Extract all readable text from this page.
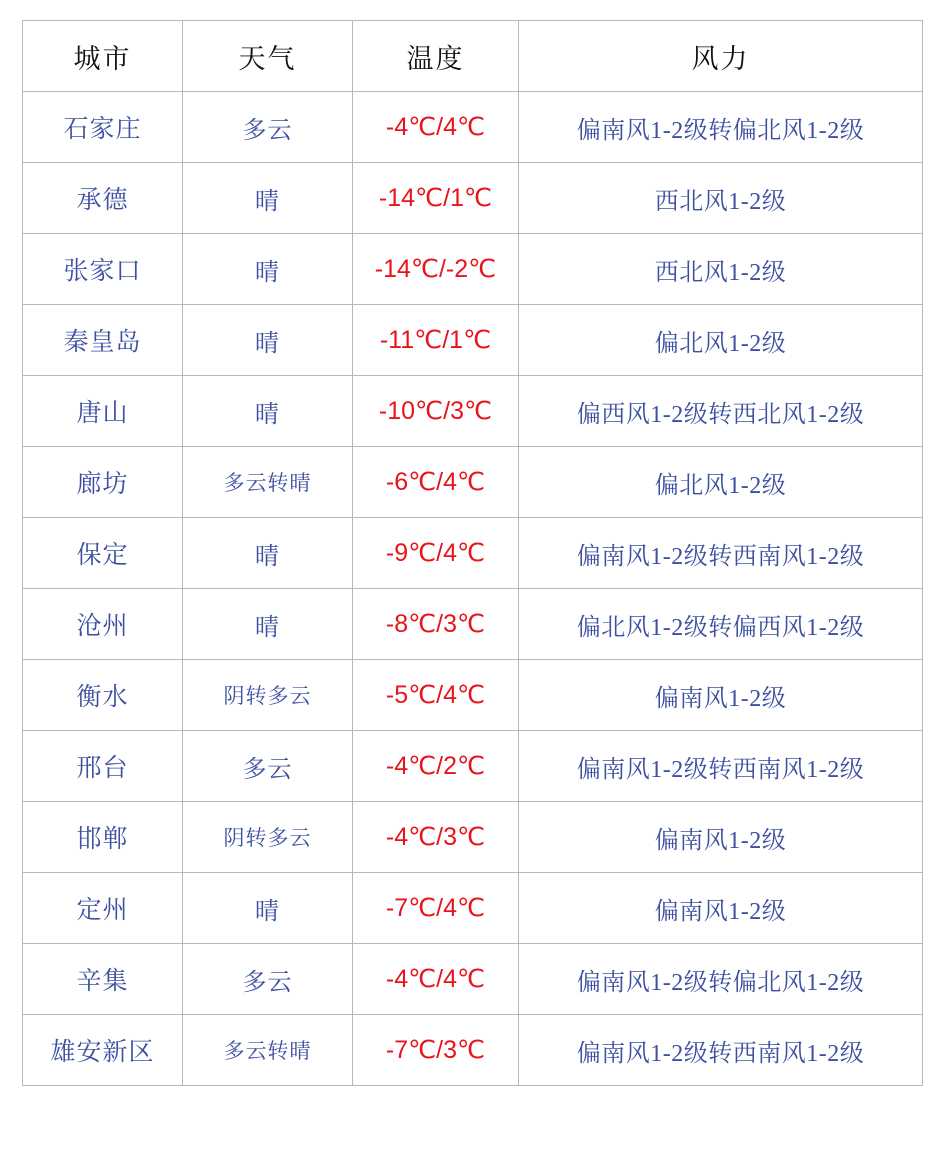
城市	天气	温度	风力
石家庄	多云	-4℃/4℃	偏南风1-2级转偏北风1-2级
承德	晴	-14℃/1℃	西北风1-2级
张家口	晴	-14℃/-2℃	西北风1-2级
秦皇岛	晴	-11℃/1℃	偏北风1-2级
唐山	晴	-10℃/3℃	偏西风1-2级转西北风1-2级
廊坊	多云转晴	-6℃/4℃	偏北风1-2级
保定	晴	-9℃/4℃	偏南风1-2级转西南风1-2级
沧州	晴	-8℃/3℃	偏北风1-2级转偏西风1-2级
衡水	阴转多云	-5℃/4℃	偏南风1-2级
邢台	多云	-4℃/2℃	偏南风1-2级转西南风1-2级
邯郸	阴转多云	-4℃/3℃	偏南风1-2级
定州	晴	-7℃/4℃	偏南风1-2级
辛集	多云	-4℃/4℃	偏南风1-2级转偏北风1-2级
雄安新区	多云转晴	-7℃/3℃	偏南风1-2级转西南风1-2级
